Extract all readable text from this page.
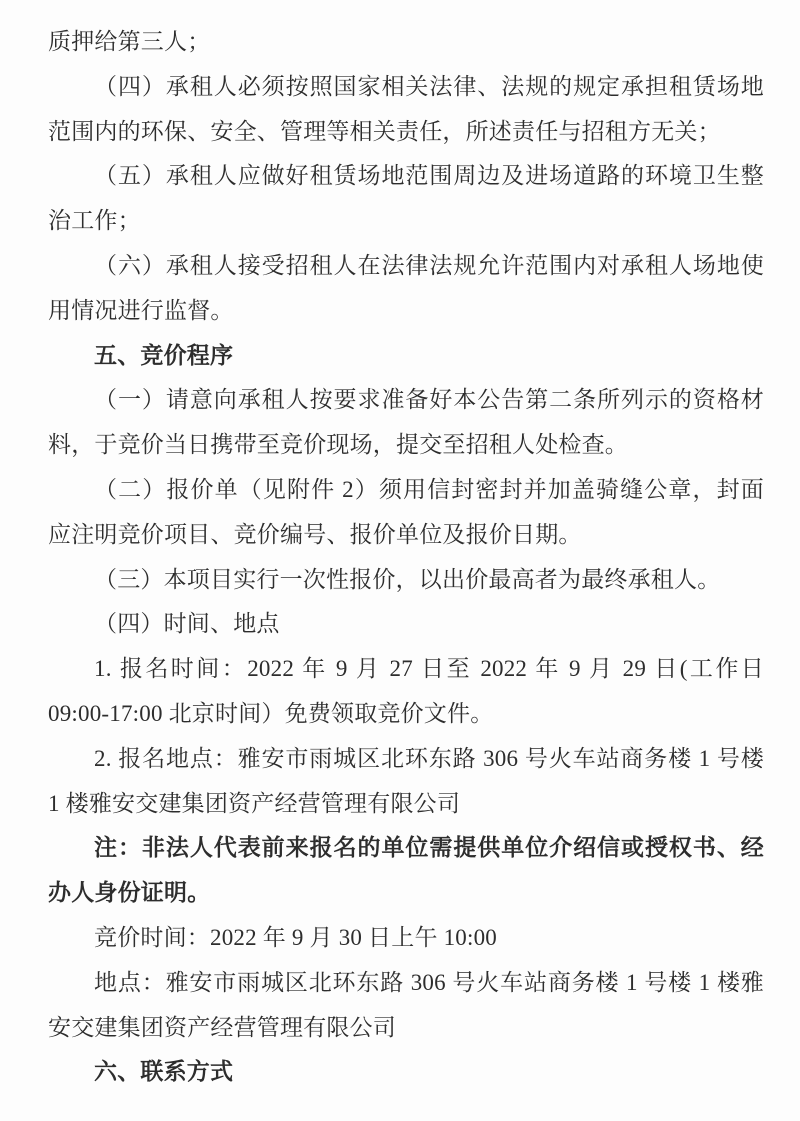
质押给第三人；
（四）承租人必须按照国家相关法律、法规的规定承担租赁场地
范围内的环保、安全、管理等相关责任，所述责任与招租方无关；
（五）承租人应做好租赁场地范围周边及进场道路的环境卫生整
治工作；
（六）承租人接受招租人在法律法规允许范围内对承租人场地使
用情况进行监督。
五、竞价程序
（一）请意向承租人按要求准备好本公告第二条所列示的资格材
料，于竞价当日携带至竞价现场，提交至招租人处检查。
（二）报价单（见附件 2）须用信封密封并加盖骑缝公章，封面
应注明竞价项目、竞价编号、报价单位及报价日期。
（三）本项目实行一次性报价，以出价最高者为最终承租人。
（四）时间、地点
1. 报名时间：2022 年 9 月 27 日至 2022 年 9 月 29 日(工作日
09:00-17:00 北京时间）免费领取竞价文件。
2. 报名地点：雅安市雨城区北环东路 306 号火车站商务楼 1 号楼
1 楼雅安交建集团资产经营管理有限公司
注：非法人代表前来报名的单位需提供单位介绍信或授权书、经
办人身份证明。
竞价时间：2022 年 9 月 30 日上午 10:00
地点：雅安市雨城区北环东路 306 号火车站商务楼 1 号楼 1 楼雅
安交建集团资产经营管理有限公司
六、联系方式
